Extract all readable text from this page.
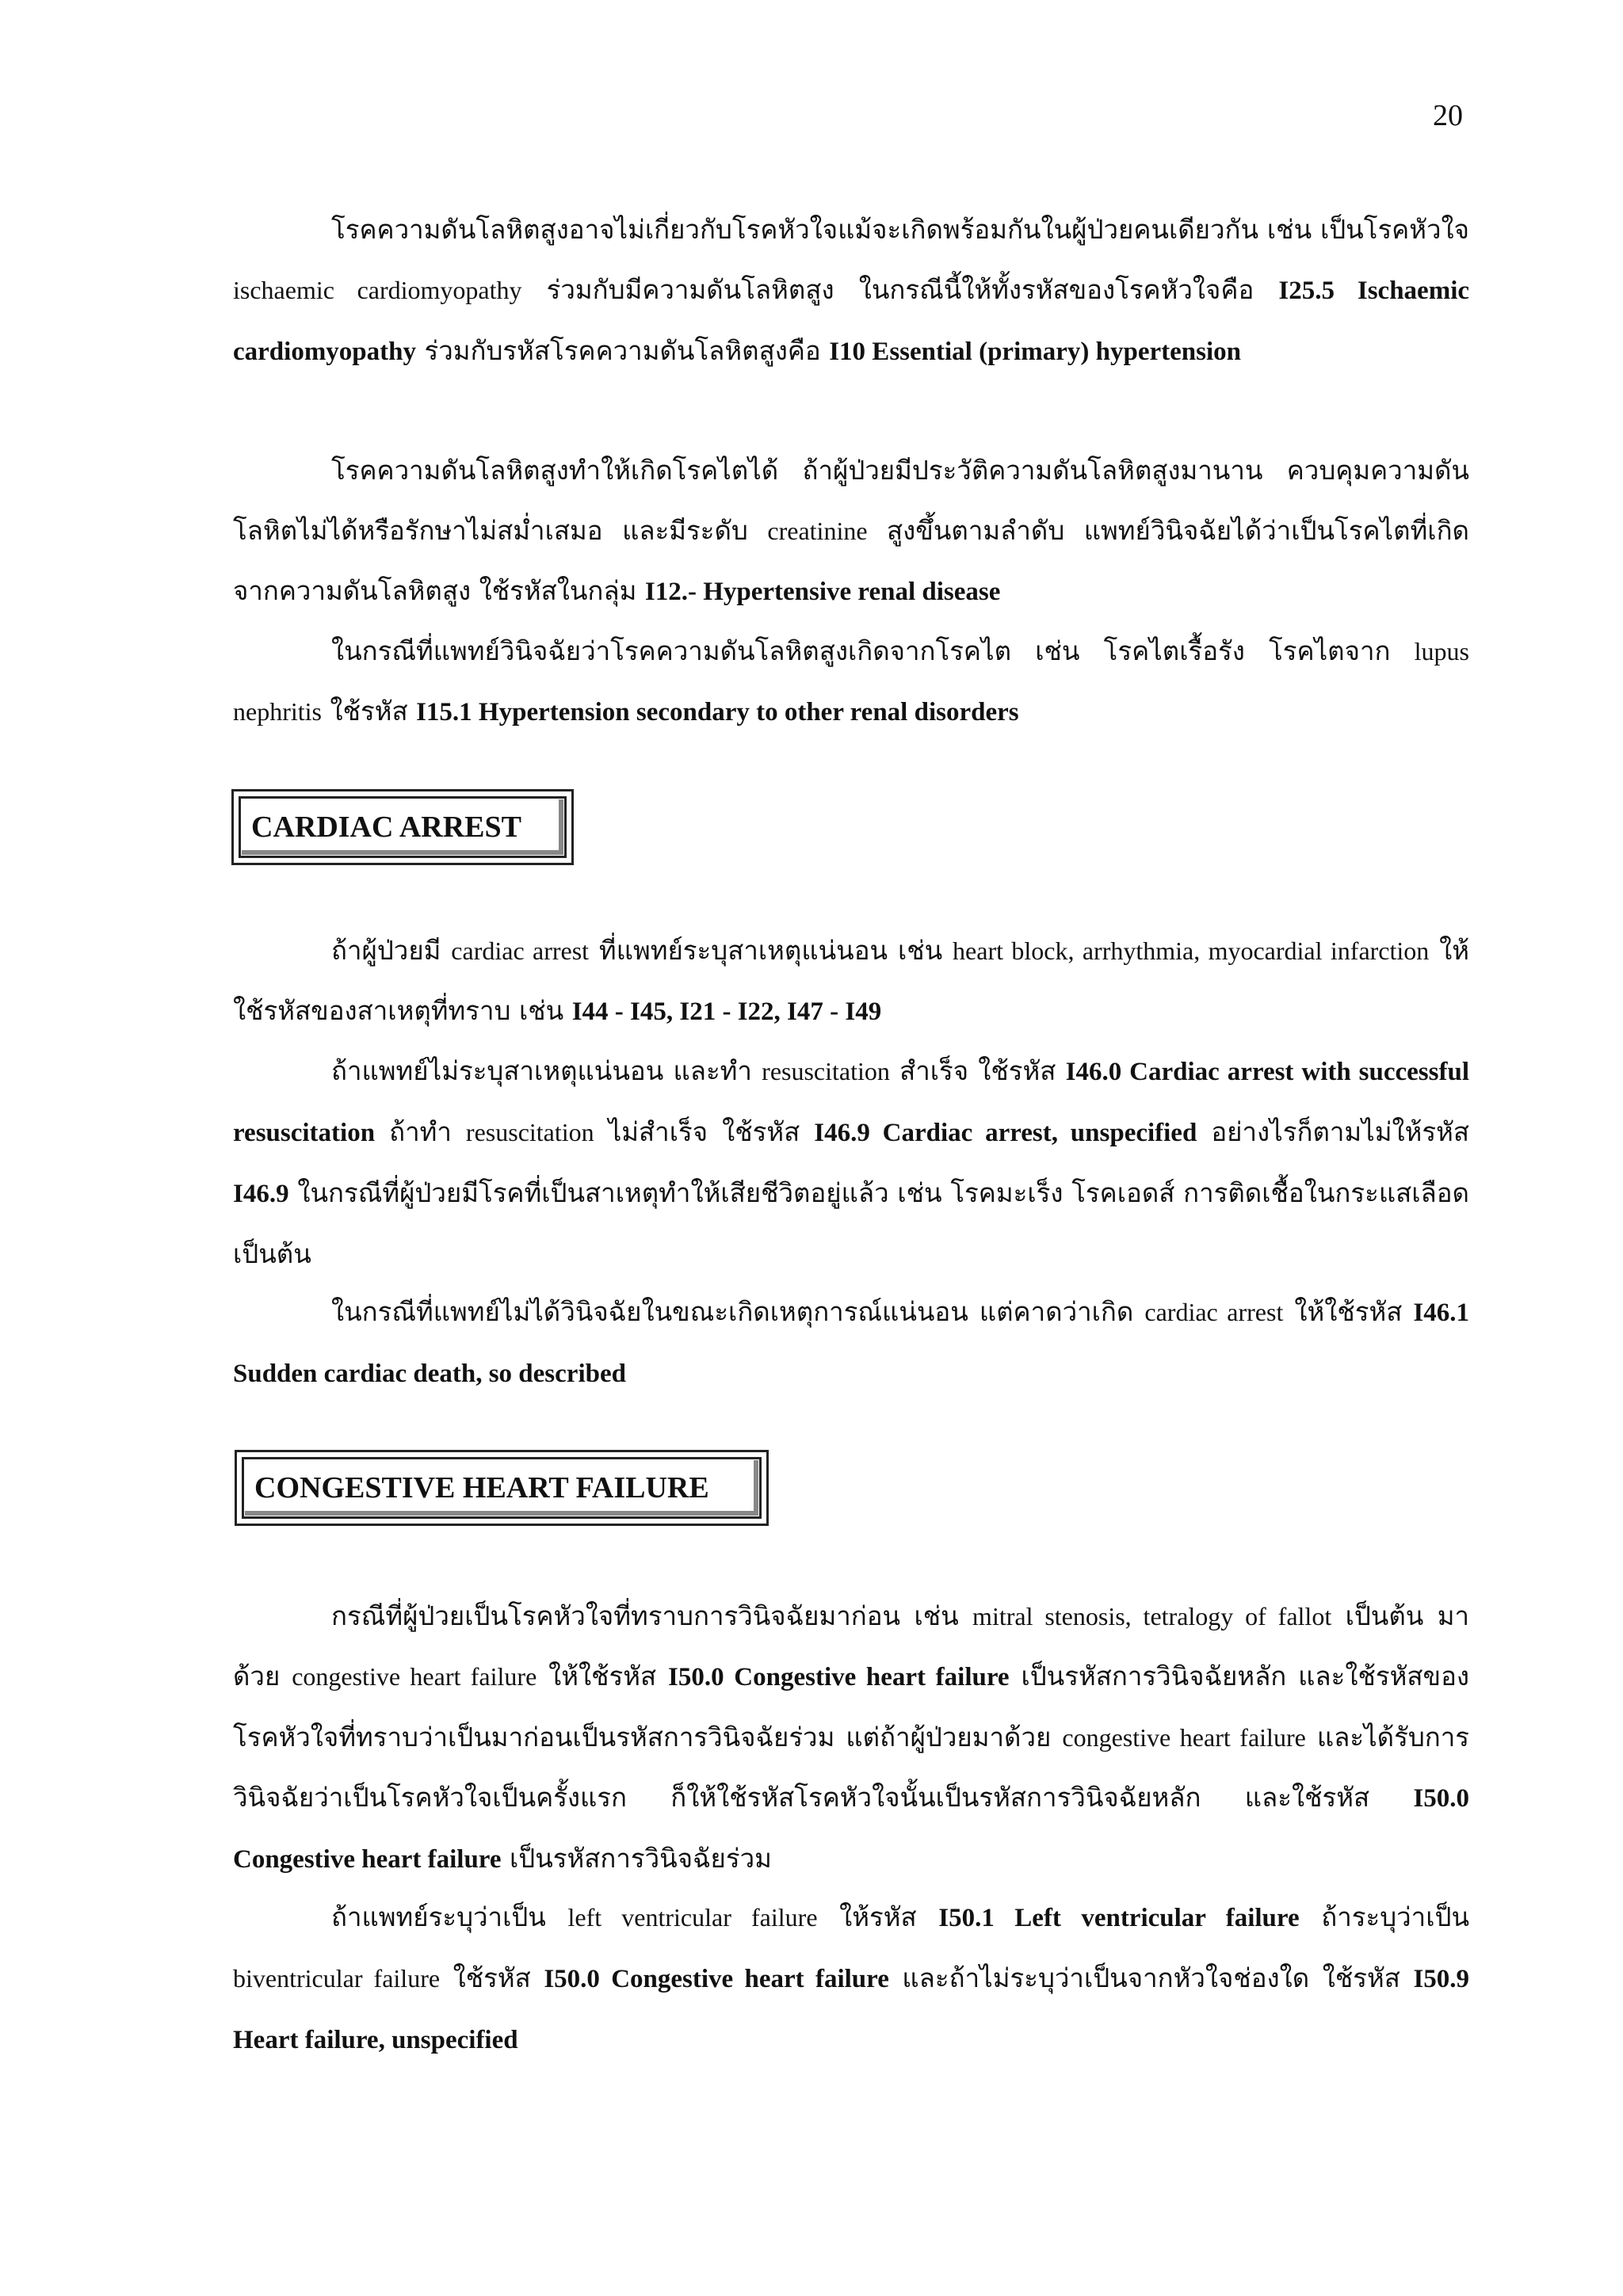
20

โรคความดันโลหิตสูงอาจไม่เกี่ยวกับโรคหัวใจแม้จะเกิดพร้อมกันในผู้ป่วยคนเดียวกัน เช่น เป็นโรคหัวใจ ischaemic cardiomyopathy ร่วมกับมีความดันโลหิตสูง ในกรณีนี้ให้ทั้งรหัสของโรคหัวใจคือ I25.5 Ischaemic cardiomyopathy ร่วมกับรหัสโรคความดันโลหิตสูงคือ I10 Essential (primary) hypertension

โรคความดันโลหิตสูงทำให้เกิดโรคไตได้ ถ้าผู้ป่วยมีประวัติความดันโลหิตสูงมานาน ควบคุมความดันโลหิตไม่ได้หรือรักษาไม่สม่ำเสมอ และมีระดับ creatinine สูงขึ้นตามลำดับ แพทย์วินิจฉัยได้ว่าเป็นโรคไตที่เกิดจากความดันโลหิตสูง ใช้รหัสในกลุ่ม I12.- Hypertensive renal disease

ในกรณีที่แพทย์วินิจฉัยว่าโรคความดันโลหิตสูงเกิดจากโรคไต เช่น โรคไตเรื้อรัง โรคไตจาก lupus nephritis ใช้รหัส I15.1 Hypertension secondary to other renal disorders

CARDIAC ARREST

ถ้าผู้ป่วยมี cardiac arrest ที่แพทย์ระบุสาเหตุแน่นอน เช่น heart block, arrhythmia, myocardial infarction ให้ใช้รหัสของสาเหตุที่ทราบ เช่น I44 - I45, I21 - I22, I47 - I49

ถ้าแพทย์ไม่ระบุสาเหตุแน่นอน และทำ resuscitation สำเร็จ ใช้รหัส I46.0 Cardiac arrest with successful resuscitation ถ้าทำ resuscitation ไม่สำเร็จ ใช้รหัส I46.9 Cardiac arrest, unspecified อย่างไรก็ตามไม่ให้รหัส I46.9 ในกรณีที่ผู้ป่วยมีโรคที่เป็นสาเหตุทำให้เสียชีวิตอยู่แล้ว เช่น โรคมะเร็ง โรคเอดส์ การติดเชื้อในกระแสเลือด เป็นต้น

ในกรณีที่แพทย์ไม่ได้วินิจฉัยในขณะเกิดเหตุการณ์แน่นอน แต่คาดว่าเกิด cardiac arrest ให้ใช้รหัส I46.1 Sudden cardiac death, so described

CONGESTIVE HEART FAILURE

กรณีที่ผู้ป่วยเป็นโรคหัวใจที่ทราบการวินิจฉัยมาก่อน เช่น mitral stenosis, tetralogy of fallot เป็นต้น มาด้วย congestive heart failure ให้ใช้รหัส I50.0 Congestive heart failure เป็นรหัสการวินิจฉัยหลัก และใช้รหัสของโรคหัวใจที่ทราบว่าเป็นมาก่อนเป็นรหัสการวินิจฉัยร่วม แต่ถ้าผู้ป่วยมาด้วย congestive heart failure และได้รับการวินิจฉัยว่าเป็นโรคหัวใจเป็นครั้งแรก ก็ให้ใช้รหัสโรคหัวใจนั้นเป็นรหัสการวินิจฉัยหลัก และใช้รหัส I50.0 Congestive heart failure เป็นรหัสการวินิจฉัยร่วม

ถ้าแพทย์ระบุว่าเป็น left ventricular failure ให้รหัส I50.1 Left ventricular failure ถ้าระบุว่าเป็น biventricular failure ใช้รหัส I50.0 Congestive heart failure และถ้าไม่ระบุว่าเป็นจากหัวใจช่องใด ใช้รหัส I50.9 Heart failure, unspecified
